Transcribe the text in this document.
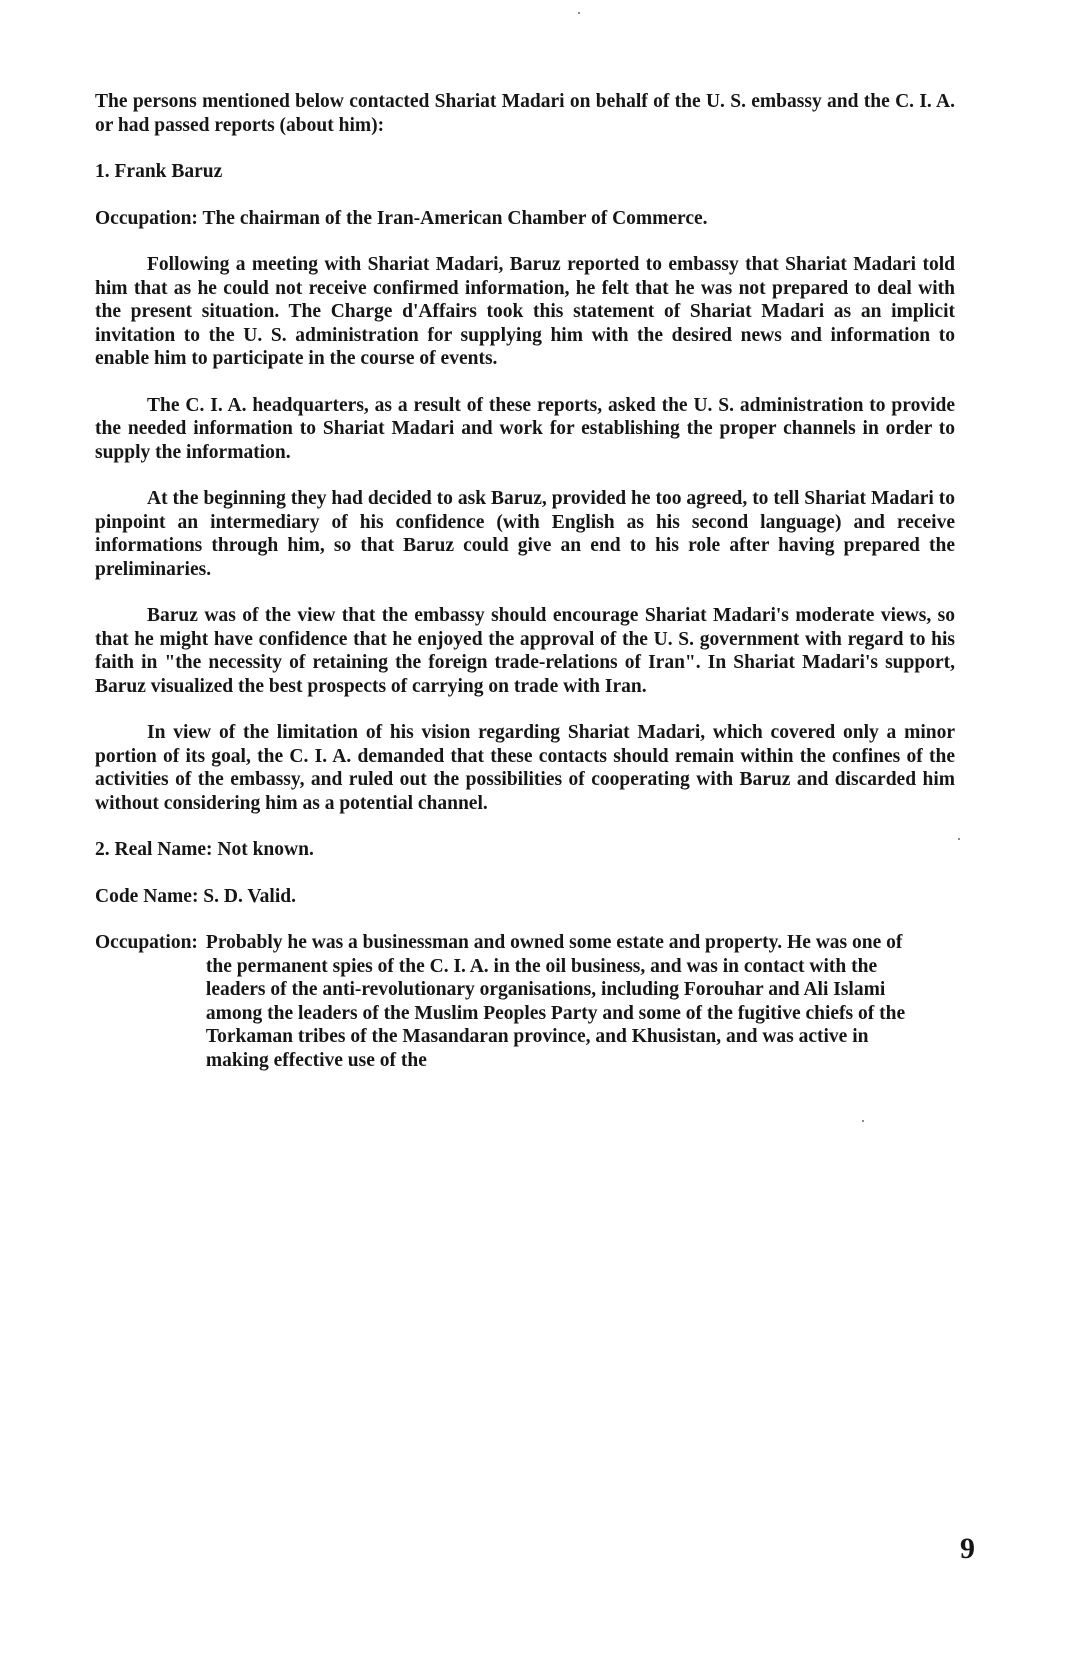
The persons mentioned below contacted Shariat Madari on behalf of the U. S. embassy and the C. I. A. or had passed reports (about him):

1. Frank Baruz

Occupation: The chairman of the Iran-American Chamber of Commerce.

Following a meeting with Shariat Madari, Baruz reported to embassy that Shariat Madari told him that as he could not receive confirmed information, he felt that he was not prepared to deal with the present situation. The Charge d'Affairs took this statement of Shariat Madari as an implicit invitation to the U. S. administration for supplying him with the desired news and information to enable him to participate in the course of events.

The C. I. A. headquarters, as a result of these reports, asked the U. S. administration to provide the needed information to Shariat Madari and work for establishing the proper channels in order to supply the information.

At the beginning they had decided to ask Baruz, provided he too agreed, to tell Shariat Madari to pinpoint an intermediary of his confidence (with English as his second language) and receive informations through him, so that Baruz could give an end to his role after having prepared the preliminaries.

Baruz was of the view that the embassy should encourage Shariat Madari's moderate views, so that he might have confidence that he enjoyed the approval of the U. S. government with regard to his faith in "the necessity of retaining the foreign trade-relations of Iran". In Shariat Madari's support, Baruz visualized the best prospects of carrying on trade with Iran.

In view of the limitation of his vision regarding Shariat Madari, which covered only a minor portion of its goal, the C. I. A. demanded that these contacts should remain within the confines of the activities of the embassy, and ruled out the possibilities of cooperating with Baruz and discarded him without considering him as a potential channel.

2. Real Name: Not known.

Code Name: S. D. Valid.

Occupation: Probably he was a businessman and owned some estate and property. He was one of the permanent spies of the C. I. A. in the oil business, and was in contact with the leaders of the anti-revolutionary organisations, including Forouhar and Ali Islami among the leaders of the Muslim Peoples Party and some of the fugitive chiefs of the Torkaman tribes of the Masandaran province, and Khusistan, and was active in making effective use of the
9
